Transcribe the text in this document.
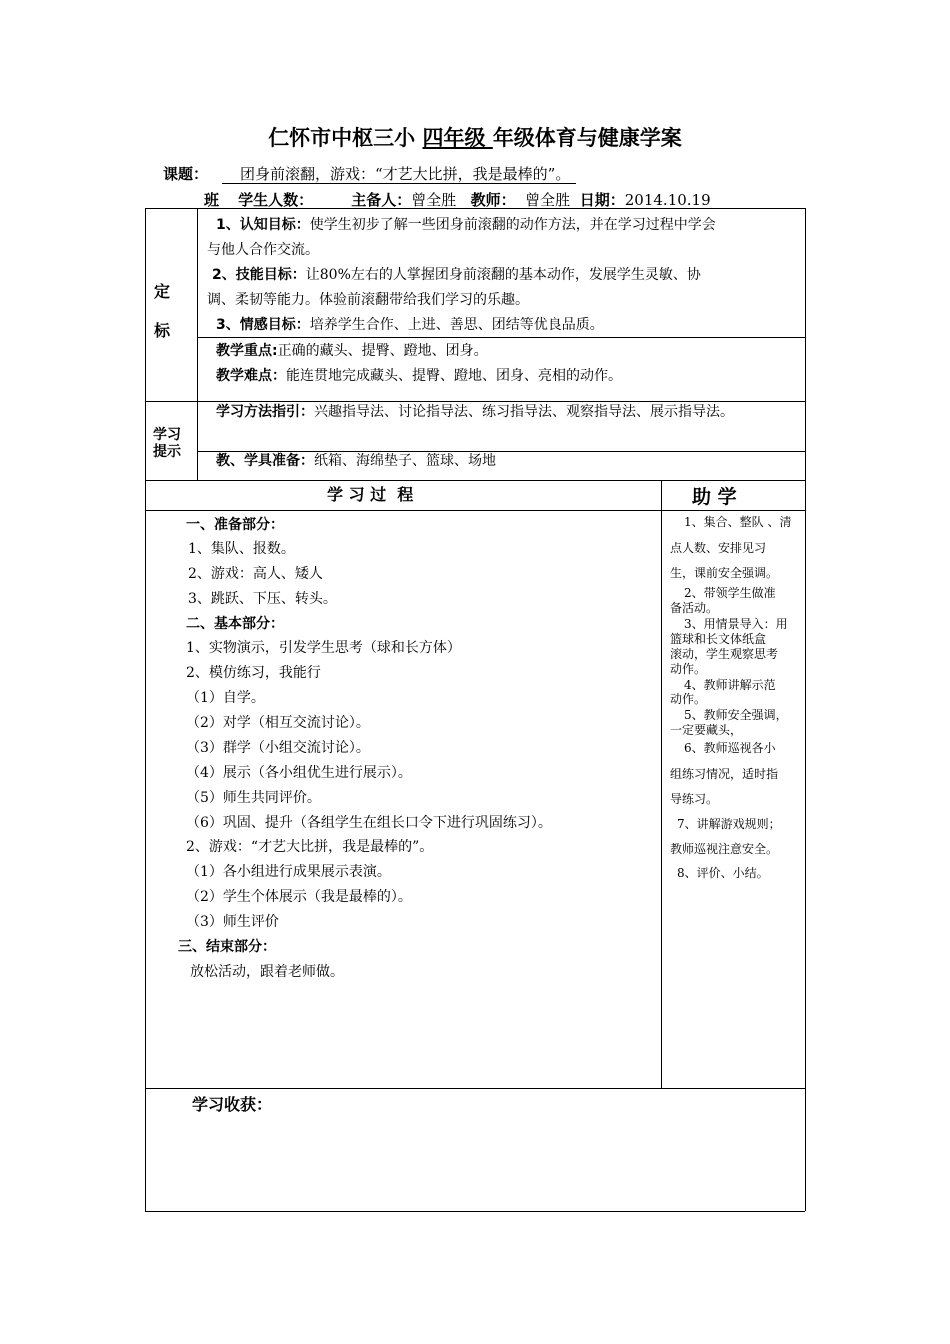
仁怀市中枢三小 四年级 年级体育与健康学案
课题： 团身前滚翻，游戏：“才艺大比拼，我是最棒的”。
班 学生人数：	主备人：曾全胜 教师： 曾全胜 日期：2014.10.19
定
标
1、认知目标：使学生初步了解一些团身前滚翻的动作方法，并在学习过程中学会
与他人合作交流。
2、技能目标：让80%左右的人掌握团身前滚翻的基本动作，发展学生灵敏、协
调、柔韧等能力。体验前滚翻带给我们学习的乐趣。
3、情感目标：培养学生合作、上进、善思、团结等优良品质。
教学重点:正确的藏头、提臀、蹬地、团身。
教学难点：能连贯地完成藏头、提臀、蹬地、团身、亮相的动作。
学习
提示
学习方法指引：兴趣指导法、讨论指导法、练习指导法、观察指导法、展示指导法。
教、学具准备：纸箱、海绵垫子、篮球、场地
学 习 过  程	助 学
一、准备部分：
1、集队、报数。
2、游戏：高人、矮人
3、跳跃、下压、转头。
二、基本部分：
1、实物演示，引发学生思考（球和长方体）
2、模仿练习，我能行
（1）自学。
（2）对学（相互交流讨论）。
（3）群学（小组交流讨论）。
（4）展示（各小组优生进行展示）。
（5）师生共同评价。
（6）巩固、提升（各组学生在组长口令下进行巩固练习）。
2、游戏：“才艺大比拼，我是最棒的”。
（1）各小组进行成果展示表演。
（2）学生个体展示（我是最棒的）。
（3）师生评价
三、结束部分：
放松活动，跟着老师做。
1、集合、整队 、清
点人数、安排见习
生，课前安全强调。
2、带领学生做准
备活动。
3、用情景导入：用
篮球和长文体纸盒
滚动，学生观察思考
动作。
4、教师讲解示范
动作。
5、教师安全强调，
一定要藏头，
6、教师巡视各小
组练习情况，适时指
导练习。
7、讲解游戏规则；
教师巡视注意安全。
8、评价、小结。
学习收获：
